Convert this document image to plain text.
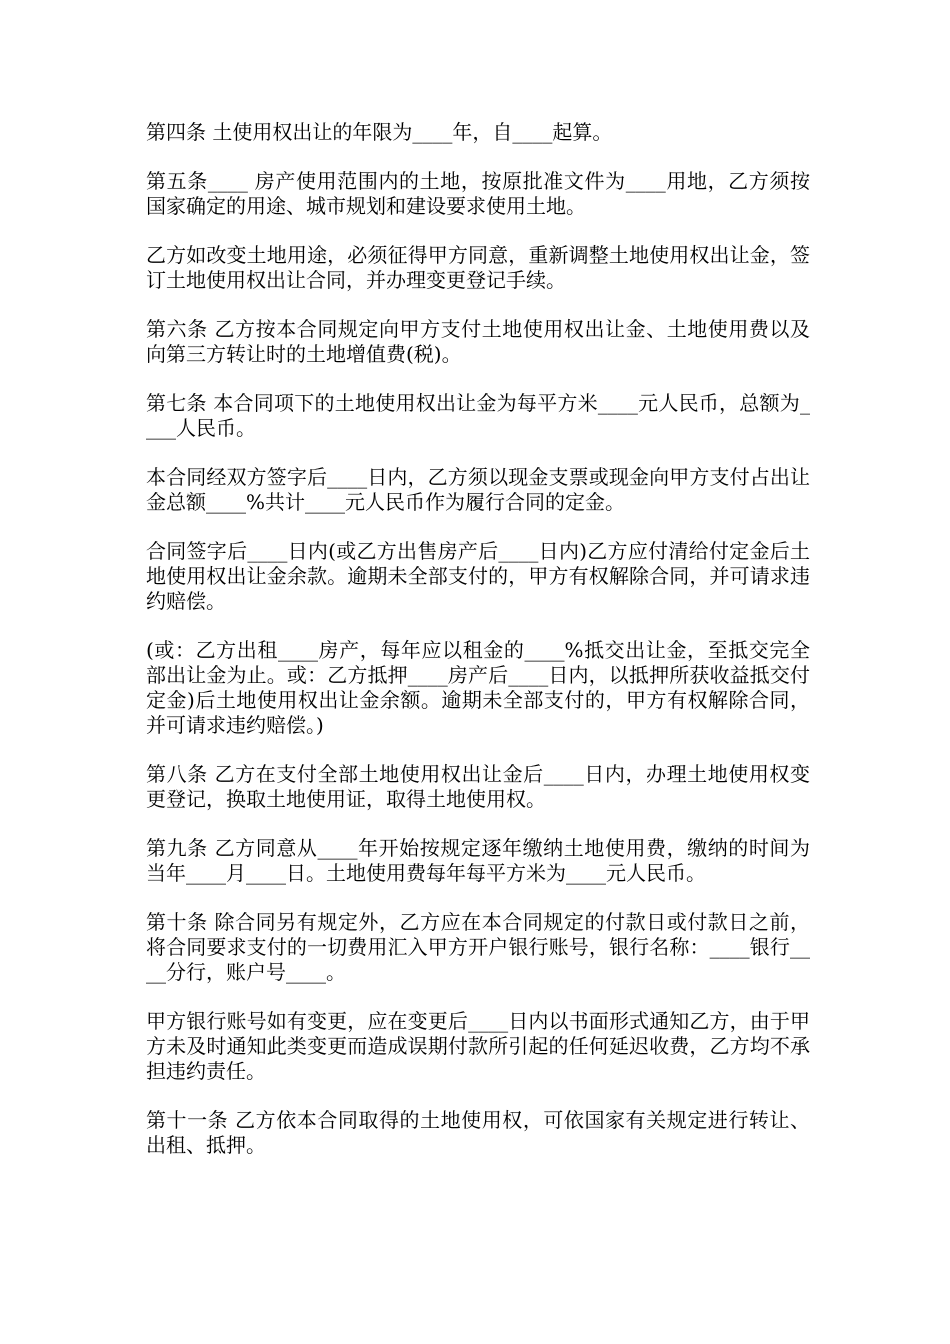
第四条 土使用权出让的年限为____年，自____起算。

第五条____ 房产使用范围内的土地，按原批准文件为____用地，乙方须按国家确定的用途、城市规划和建设要求使用土地。

乙方如改变土地用途，必须征得甲方同意，重新调整土地使用权出让金，签订土地使用权出让合同，并办理变更登记手续。

第六条 乙方按本合同规定向甲方支付土地使用权出让金、土地使用费以及向第三方转让时的土地增值费(税)。

第七条 本合同项下的土地使用权出让金为每平方米____元人民币，总额为____人民币。

本合同经双方签字后____日内，乙方须以现金支票或现金向甲方支付占出让金总额____%共计____元人民币作为履行合同的定金。

合同签字后____日内(或乙方出售房产后____日内)乙方应付清给付定金后土地使用权出让金余款。逾期未全部支付的，甲方有权解除合同，并可请求违约赔偿。

(或：乙方出租____房产，每年应以租金的____%抵交出让金，至抵交完全部出让金为止。或：乙方抵押____房产后____日内，以抵押所获收益抵交付定金)后土地使用权出让金余额。逾期未全部支付的，甲方有权解除合同，并可请求违约赔偿。)

第八条 乙方在支付全部土地使用权出让金后____日内，办理土地使用权变更登记，换取土地使用证，取得土地使用权。

第九条 乙方同意从____年开始按规定逐年缴纳土地使用费，缴纳的时间为当年____月____日。土地使用费每年每平方米为____元人民币。

第十条 除合同另有规定外，乙方应在本合同规定的付款日或付款日之前，将合同要求支付的一切费用汇入甲方开户银行账号，银行名称：____银行____分行，账户号____。

甲方银行账号如有变更，应在变更后____日内以书面形式通知乙方，由于甲方未及时通知此类变更而造成误期付款所引起的任何延迟收费，乙方均不承担违约责任。

第十一条 乙方依本合同取得的土地使用权，可依国家有关规定进行转让、出租、抵押。
